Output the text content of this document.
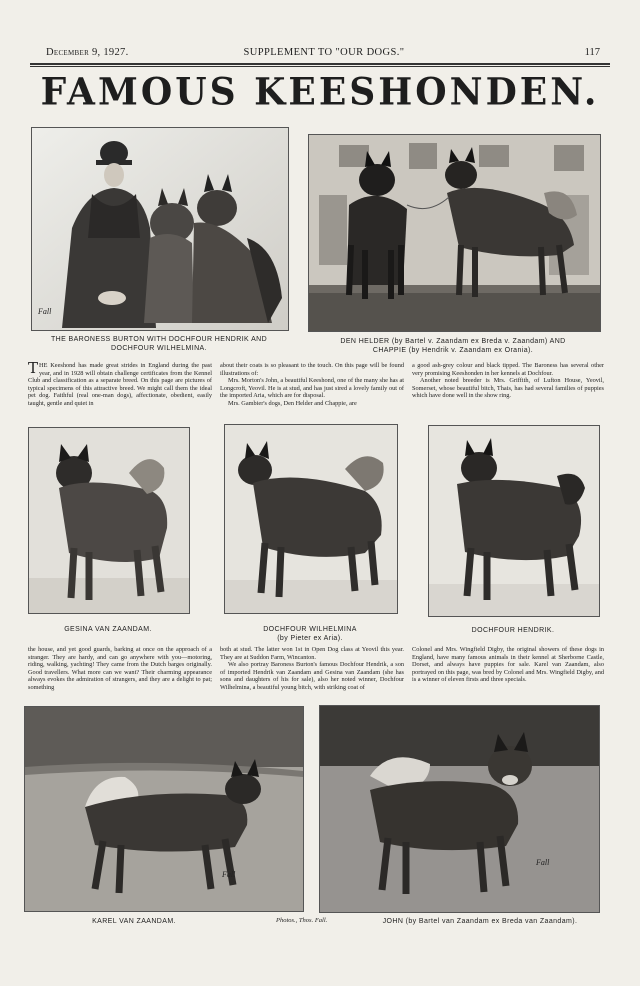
December 9, 1927.	SUPPLEMENT TO "OUR DOGS."	117
FAMOUS KEESHONDEN.
Fall
THE BARONESS BURTON WITH DOCHFOUR HENDRIK AND
DOCHFOUR WILHELMINA.
DEN HELDER (by Bartel v. Zaandam ex Breda v. Zaandam) AND
CHAPPIE (by Hendrik v. Zaandam ex Orania).

THE Keeshond has made great strides in England during the past year, and in 1928 will obtain challenge certificates from the Kennel Club and classification as a separate breed. On this page are pictures of typical specimens of this attractive breed. We might call them the ideal pet dog. Faithful (real one-man dogs), affectionate, obedient, easily taught, gentle and quiet in

about their coats is so pleasant to the touch. On this page will be found illustrations of:

Mrs. Morton's John, a beautiful Keeshond, one of the many she has at Longcroft, Yeovil. He is at stud, and has just sired a lovely family out of the imported Aria, which are for disposal.

Mrs. Gambier's dogs, Den Helder and Chappie, are

a good ash-grey colour and black tipped. The Baroness has several other very promising Keeshonden in her kennels at Dochfour.

Another noted breeder is Mrs. Griffith, of Lufton House, Yeovil, Somerset, whose beautiful bitch, Thais, has had several families of puppies which have done well in the show ring.

GESINA VAN ZAANDAM.	DOCHFOUR WILHELMINA
(by Pieter ex Aria).
DOCHFOUR HENDRIK.

the house, and yet good guards, barking at once on the approach of a stranger. They are hardy, and can go anywhere with you—motoring, riding, walking, yachting! They came from the Dutch barges originally. Good travellers. What more can we want? Their charming appearance always evokes the admiration of strangers, and they are a delight to pat; something

both at stud. The latter won 1st in Open Dog class at Yeovil this year. They are at Suddon Farm, Wincanton.

We also portray Baroness Burton's famous Dochfour Hendrik, a son of imported Hendrik van Zaandam and Gesina van Zaandam (she has sons and daughters of his for sale), also her noted winner, Dochfour Wilhelmina, a beautiful young bitch, with striking coat of

Colonel and Mrs. Wingfield Digby, the original showers of these dogs in England, have many famous animals in their kennel at Sherborne Castle, Dorset, and always have puppies for sale. Karel van Zaandam, also portrayed on this page, was bred by Colonel and Mrs. Wingfield Digby, and is a winner of eleven firsts and three specials.

Fall
Fall
KAREL VAN ZAANDAM.	Photos., Thos. Fall.	JOHN (by Bartel van Zaandam ex Breda van Zaandam).
